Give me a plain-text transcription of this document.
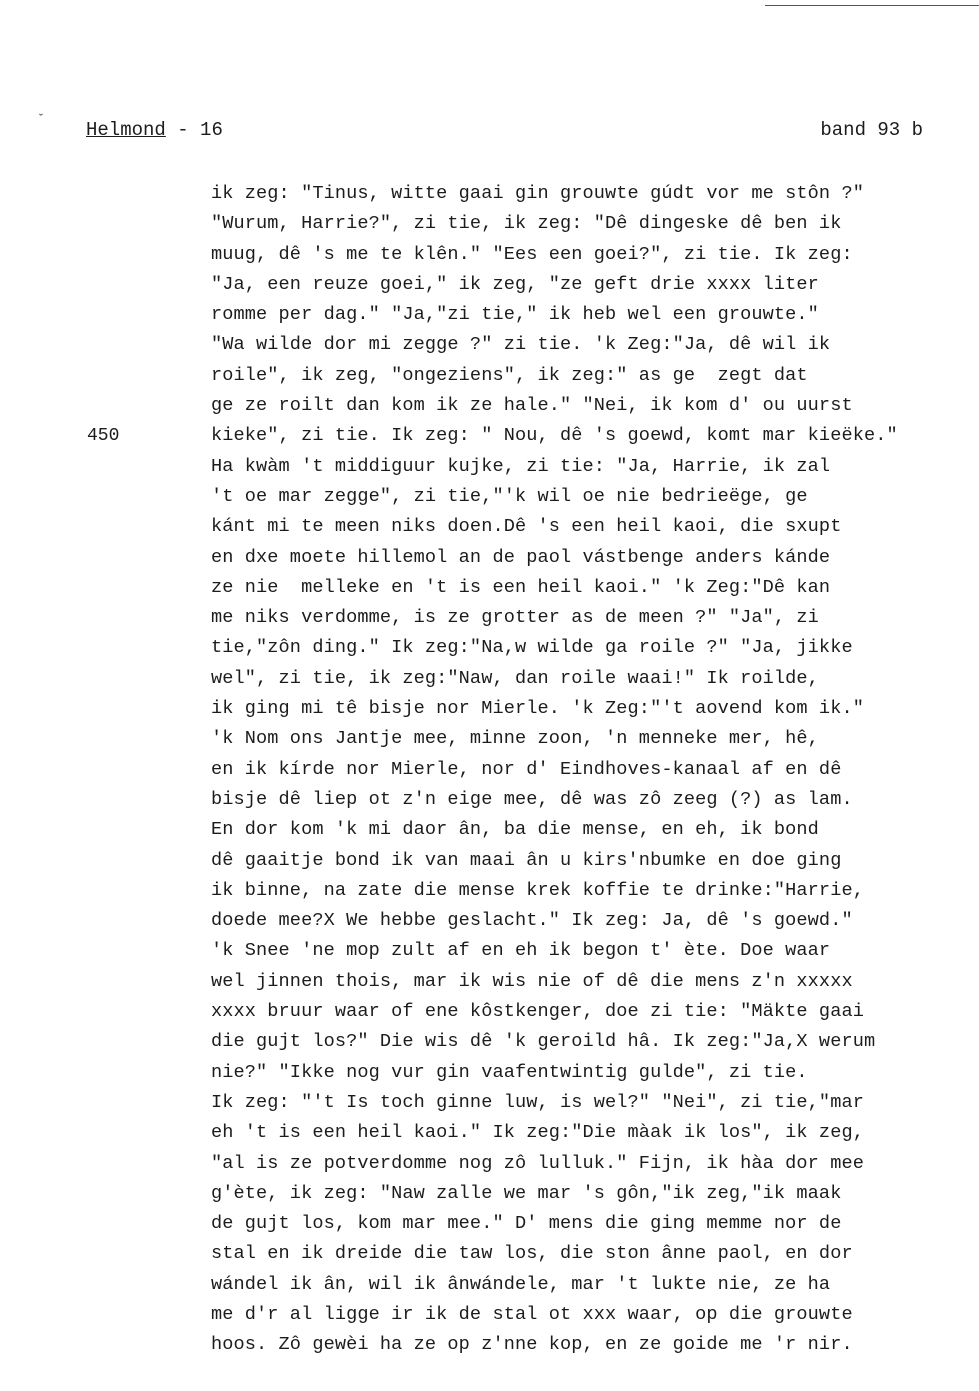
ˇ Helmond - 16	band 93 b
450
ik zeg: "Tinus, witte gaai gin grouwte gúdt vor me stôn ?"
"Wurum, Harrie?", zi tie, ik zeg: "Dê dingeske dê ben ik
muug, dê 's me te klên." "Ees een goei?", zi tie. Ik zeg:
"Ja, een reuze goei," ik zeg, "ze geft drie xxxx liter
romme per dag." "Ja,"zi tie," ik heb wel een grouwte."
"Wa wilde dor mi zegge ?" zi tie. 'k Zeg:"Ja, dê wil ik
roile", ik zeg, "ongeziens", ik zeg:" as ge  zegt dat
ge ze roilt dan kom ik ze hale." "Nei, ik kom d' ou uurst
kieke", zi tie. Ik zeg: " Nou, dê 's goewd, komt mar kieëke."
Ha kwàm 't middiguur kujke, zi tie: "Ja, Harrie, ik zal
't oe mar zegge", zi tie,"'k wil oe nie bedrieëge, ge
kánt mi te meen niks doen.Dê 's een heil kaoi, die sxupt
en dxe moete hillemol an de paol vástbenge anders kánde
ze nie  melleke en 't is een heil kaoi." 'k Zeg:"Dê kan
me niks verdomme, is ze grotter as de meen ?" "Ja", zi
tie,"zôn ding." Ik zeg:"Na,w wilde ga roile ?" "Ja, jikke
wel", zi tie, ik zeg:"Naw, dan roile waai!" Ik roilde,
ik ging mi tê bisje nor Mierle. 'k Zeg:"'t aovend kom ik."
'k Nom ons Jantje mee, minne zoon, 'n menneke mer, hê,
en ik kírde nor Mierle, nor d' Eindhoves-kanaal af en dê
bisje dê liep ot z'n eige mee, dê was zô zeeg (?) as lam.
En dor kom 'k mi daor ân, ba die mense, en eh, ik bond
dê gaaitje bond ik van maai ân u kirs'nbumke en doe ging
ik binne, na zate die mense krek koffie te drinke:"Harrie,
doede mee?X We hebbe geslacht." Ik zeg: Ja, dê 's goewd."
'k Snee 'ne mop zult af en eh ik begon t' ète. Doe waar
wel jinnen thois, mar ik wis nie of dê die mens z'n xxxxx
xxxx bruur waar of ene kôstkenger, doe zi tie: "Mäkte gaai
die gujt los?" Die wis dê 'k geroild hâ. Ik zeg:"Ja,X werum
nie?" "Ikke nog vur gin vaafentwintig gulde", zi tie.
Ik zeg: "'t Is toch ginne luw, is wel?" "Nei", zi tie,"mar
eh 't is een heil kaoi." Ik zeg:"Die màak ik los", ik zeg,
"al is ze potverdomme nog zô lulluk." Fijn, ik hàa dor mee
g'ète, ik zeg: "Naw zalle we mar 's gôn,"ik zeg,"ik maak
de gujt los, kom mar mee." D' mens die ging memme nor de
stal en ik dreide die taw los, die ston ânne paol, en dor
wándel ik ân, wil ik ânwándele, mar 't lukte nie, ze ha
me d'r al ligge ir ik de stal ot xxx waar, op die grouwte
hoos. Zô gewèi ha ze op z'nne kop, en ze goide me 'r nir.
